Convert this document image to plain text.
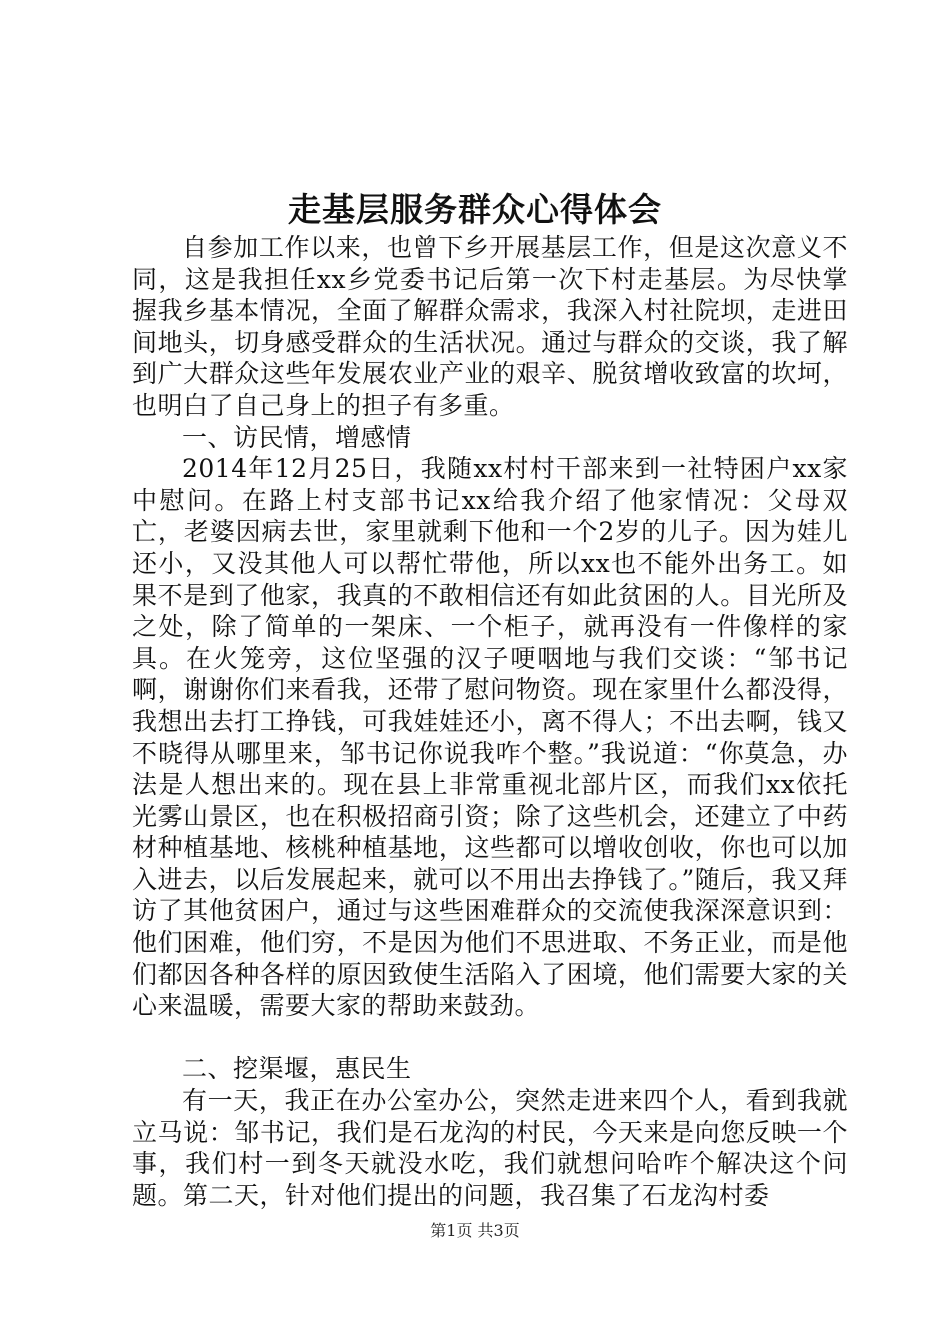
走基层服务群众心得体会

自参加工作以来，也曾下乡开展基层工作，但是这次意义不同，这是我担任xx乡党委书记后第一次下村走基层。为尽快掌握我乡基本情况，全面了解群众需求，我深入村社院坝，走进田间地头，切身感受群众的生活状况。通过与群众的交谈，我了解到广大群众这些年发展农业产业的艰辛、脱贫增收致富的坎坷，也明白了自己身上的担子有多重。

一、访民情，增感情

2014年12月25日，我随xx村村干部来到一社特困户xx家中慰问。在路上村支部书记xx给我介绍了他家情况：父母双亡，老婆因病去世，家里就剩下他和一个2岁的儿子。因为娃儿还小，又没其他人可以帮忙带他，所以xx也不能外出务工。如果不是到了他家，我真的不敢相信还有如此贫困的人。目光所及之处，除了简单的一架床、一个柜子，就再没有一件像样的家具。在火笼旁，这位坚强的汉子哽咽地与我们交谈：“邹书记啊，谢谢你们来看我，还带了慰问物资。现在家里什么都没得，我想出去打工挣钱，可我娃娃还小，离不得人；不出去啊，钱又不晓得从哪里来，邹书记你说我咋个整。”我说道：“你莫急，办法是人想出来的。现在县上非常重视北部片区，而我们xx依托光雾山景区，也在积极招商引资；除了这些机会，还建立了中药材种植基地、核桃种植基地，这些都可以增收创收，你也可以加入进去，以后发展起来，就可以不用出去挣钱了。”随后，我又拜访了其他贫困户，通过与这些困难群众的交流使我深深意识到：他们困难，他们穷，不是因为他们不思进取、不务正业，而是他们都因各种各样的原因致使生活陷入了困境，他们需要大家的关心来温暖，需要大家的帮助来鼓劲。

二、挖渠堰，惠民生

有一天，我正在办公室办公，突然走进来四个人，看到我就立马说：邹书记，我们是石龙沟的村民，今天来是向您反映一个事，我们村一到冬天就没水吃，我们就想问哈咋个解决这个问题。第二天，针对他们提出的问题，我召集了石龙沟村委

第1页 共3页
